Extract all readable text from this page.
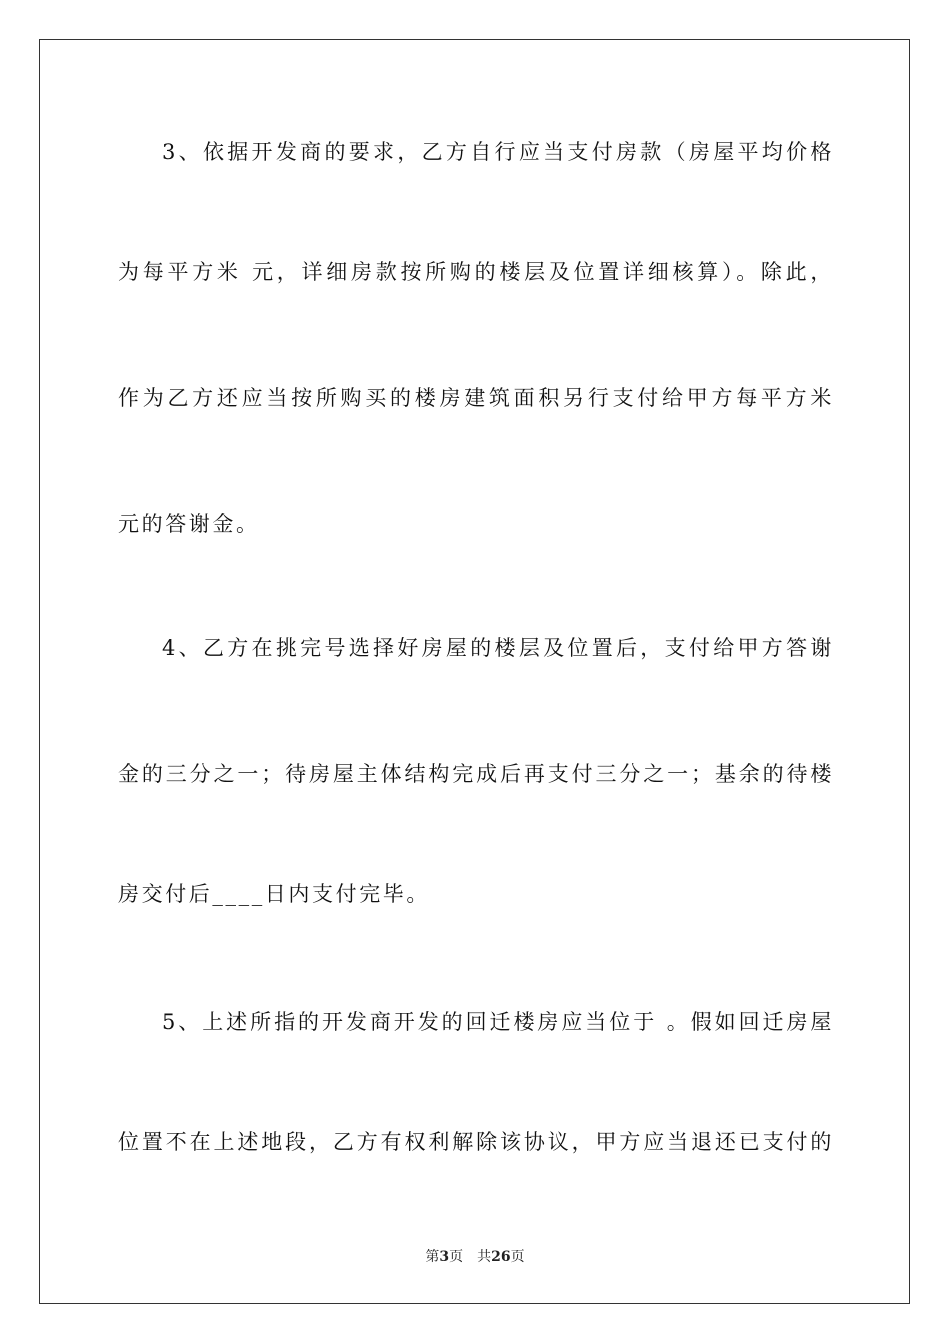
3、依据开发商的要求，乙方自行应当支付房款（房屋平均价格
为每平方米 元，详细房款按所购的楼层及位置详细核算）。除此，
作为乙方还应当按所购买的楼房建筑面积另行支付给甲方每平方米
元的答谢金。
4、乙方在挑完号选择好房屋的楼层及位置后，支付给甲方答谢
金的三分之一；待房屋主体结构完成后再支付三分之一；基余的待楼
房交付后____日内支付完毕。
5、上述所指的开发商开发的回迁楼房应当位于 。假如回迁房屋
位置不在上述地段，乙方有权利解除该协议，甲方应当退还已支付的
第3页 共26页
